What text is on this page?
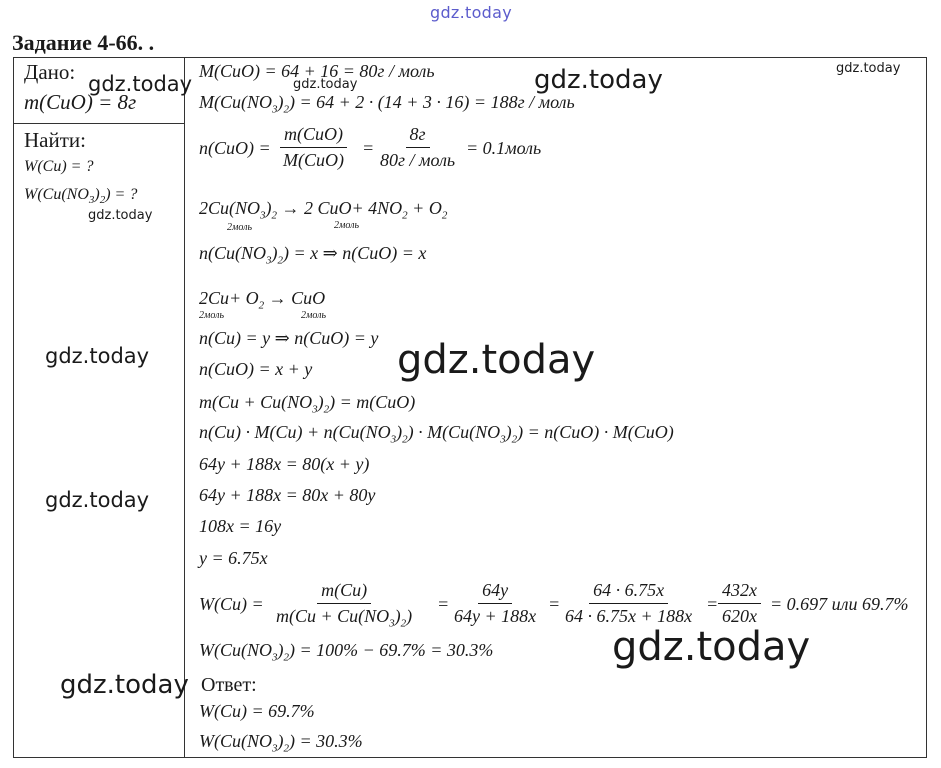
gdz.today
Задание 4-66. .
Дано:
m(CuO) = 8г
Найти:
W(Cu) = ?
$W(Cu(NO_3)_2)$ = ?
M(CuO) = 64 + 16 = 80г / моль
$M(Cu(NO_3)_2) = 64 + 2 \cdot (14 + 3 \cdot 16) = 188г$ / моль
n(CuO) =
m(CuO)
M(CuO)
=
8г
80г / моль
= 0.1моль
$2Cu(NO_3)_2 \to 2$ $CuO+ 4NO_2 + O_2$
2моль	2моль
$n(Cu(NO_3)_2) = x$ ⇒ n(CuO) = x
$2Cu+ O_2$ → CuO
2моль	2моль
n(Cu) = y ⇒ n(CuO) = y
n(CuO) = x + y
$m(Cu + Cu(NO_3)_2) = m(CuO)$
$n(Cu) \cdot M(Cu) + n(Cu(NO_3)_2) \cdot M(Cu(NO_3)_2) = n(CuO) \cdot M(CuO)$
64y + 188x = 80(x + y)
64y + 188x = 80x + 80y
108x = 16y
y = 6.75x
$W(Cu) = \frac{m(Cu)}{m(Cu + Cu(NO_3)_2)} = \frac{64y}{64y + 188x} = \frac{64 \cdot 6.75x}{64 \cdot 6.75x + 188x} = \frac{432x}{620x} = 0.697$ или 69.7%
$W(Cu(NO_3)_2) = 100\% - 69.7\% = 30.3\%$
Ответ:
W(Cu) = 69.7%
$W(Cu(NO_3)_2) = 30.3\%$
gdz.today	gdz.today	gdz.today	gdz.today
gdz.today
gdz.today	gdz.today
gdz.today
gdz.today
gdz.today
